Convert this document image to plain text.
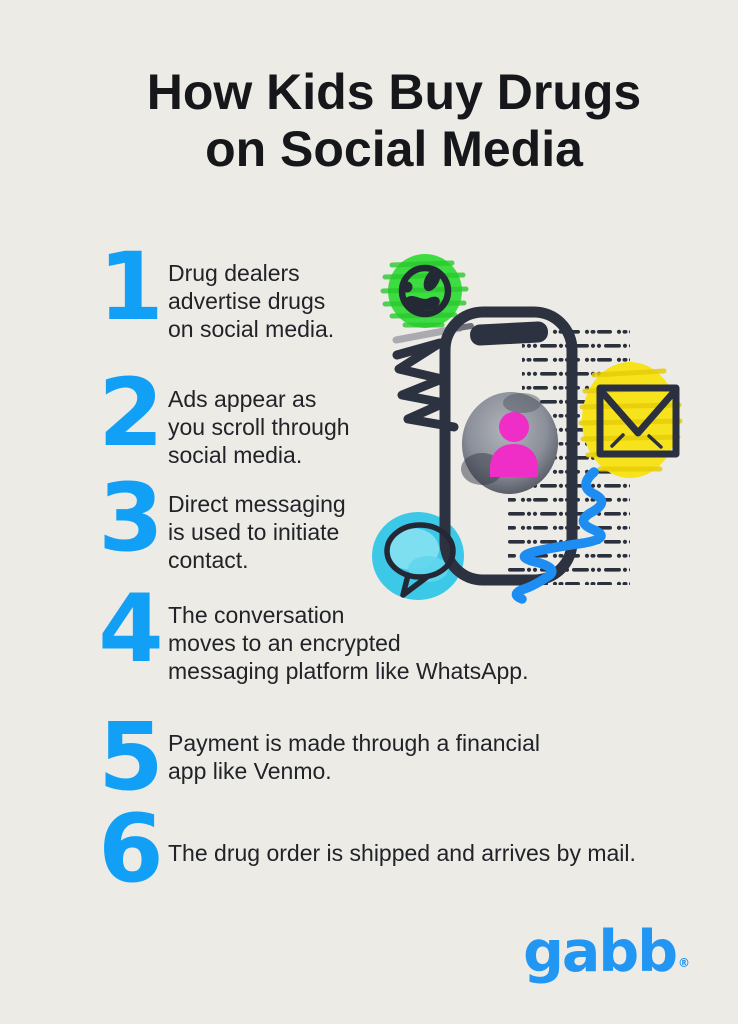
How Kids Buy Drugs
on Social Media
1 Drug dealers
advertise drugs
on social media.
2 Ads appear as
you scroll through
social media.
3 Direct messaging
is used to initiate
contact.
4 The conversation
moves to an encrypted
messaging platform like WhatsApp.
5 Payment is made through a financial
app like Venmo.
6 The drug order is shipped and arrives by mail.
gabb ®
